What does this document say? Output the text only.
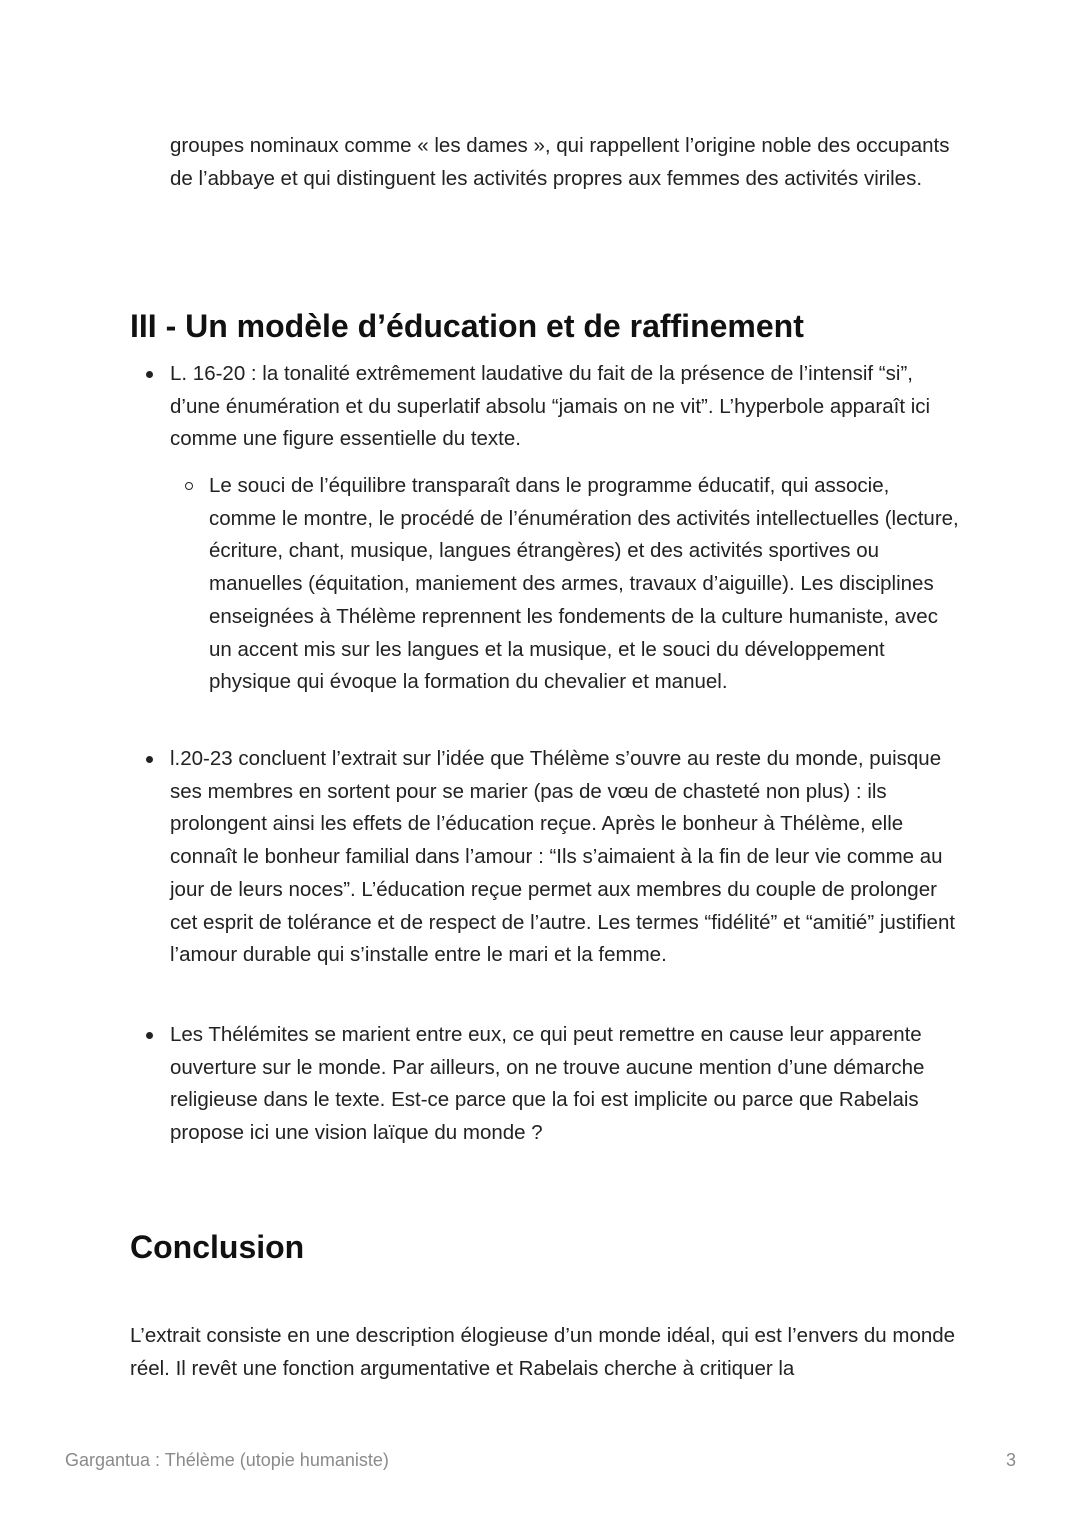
groupes nominaux comme « les dames », qui rappellent l’origine noble des occupants de l’abbaye et qui distinguent les activités propres aux femmes des activités viriles.

III - Un modèle d’éducation et de raffinement

L. 16-20 : la tonalité extrêmement laudative du fait de la présence de l’intensif “si”, d’une énumération et du superlatif absolu “jamais on ne vit”. L’hyperbole apparaît ici comme une figure essentielle du texte.

Le souci de l’équilibre transparaît dans le programme éducatif, qui associe, comme le montre, le procédé de l’énumération des activités intellectuelles (lecture, écriture, chant, musique, langues étrangères) et des activités sportives ou manuelles (équitation, maniement des armes, travaux d’aiguille). Les disciplines enseignées à Thélème reprennent les fondements de la culture humaniste, avec un accent mis sur les langues et la musique, et le souci du développement physique qui évoque la formation du chevalier et manuel.

l.20-23 concluent l’extrait sur l’idée que Thélème s’ouvre au reste du monde, puisque ses membres en sortent pour se marier (pas de vœu de chasteté non plus) : ils prolongent ainsi les effets de l’éducation reçue. Après le bonheur à Thélème, elle connaît le bonheur familial dans l’amour : “Ils s’aimaient à la fin de leur vie comme au jour de leurs noces”. L’éducation reçue permet aux membres du couple de prolonger cet esprit de tolérance et de respect de l’autre. Les termes “fidélité” et “amitié” justifient l’amour durable qui s’installe entre le mari et la femme.

Les Thélémites se marient entre eux, ce qui peut remettre en cause leur apparente ouverture sur le monde. Par ailleurs, on ne trouve aucune mention d’une démarche religieuse dans le texte. Est-ce parce que la foi est implicite ou parce que Rabelais propose ici une vision laïque du monde ?

Conclusion

L’extrait consiste en une description élogieuse d’un monde idéal, qui est l’envers du monde réel. Il revêt une fonction argumentative et Rabelais cherche à critiquer la

Gargantua : Thélème (utopie humaniste)	3
